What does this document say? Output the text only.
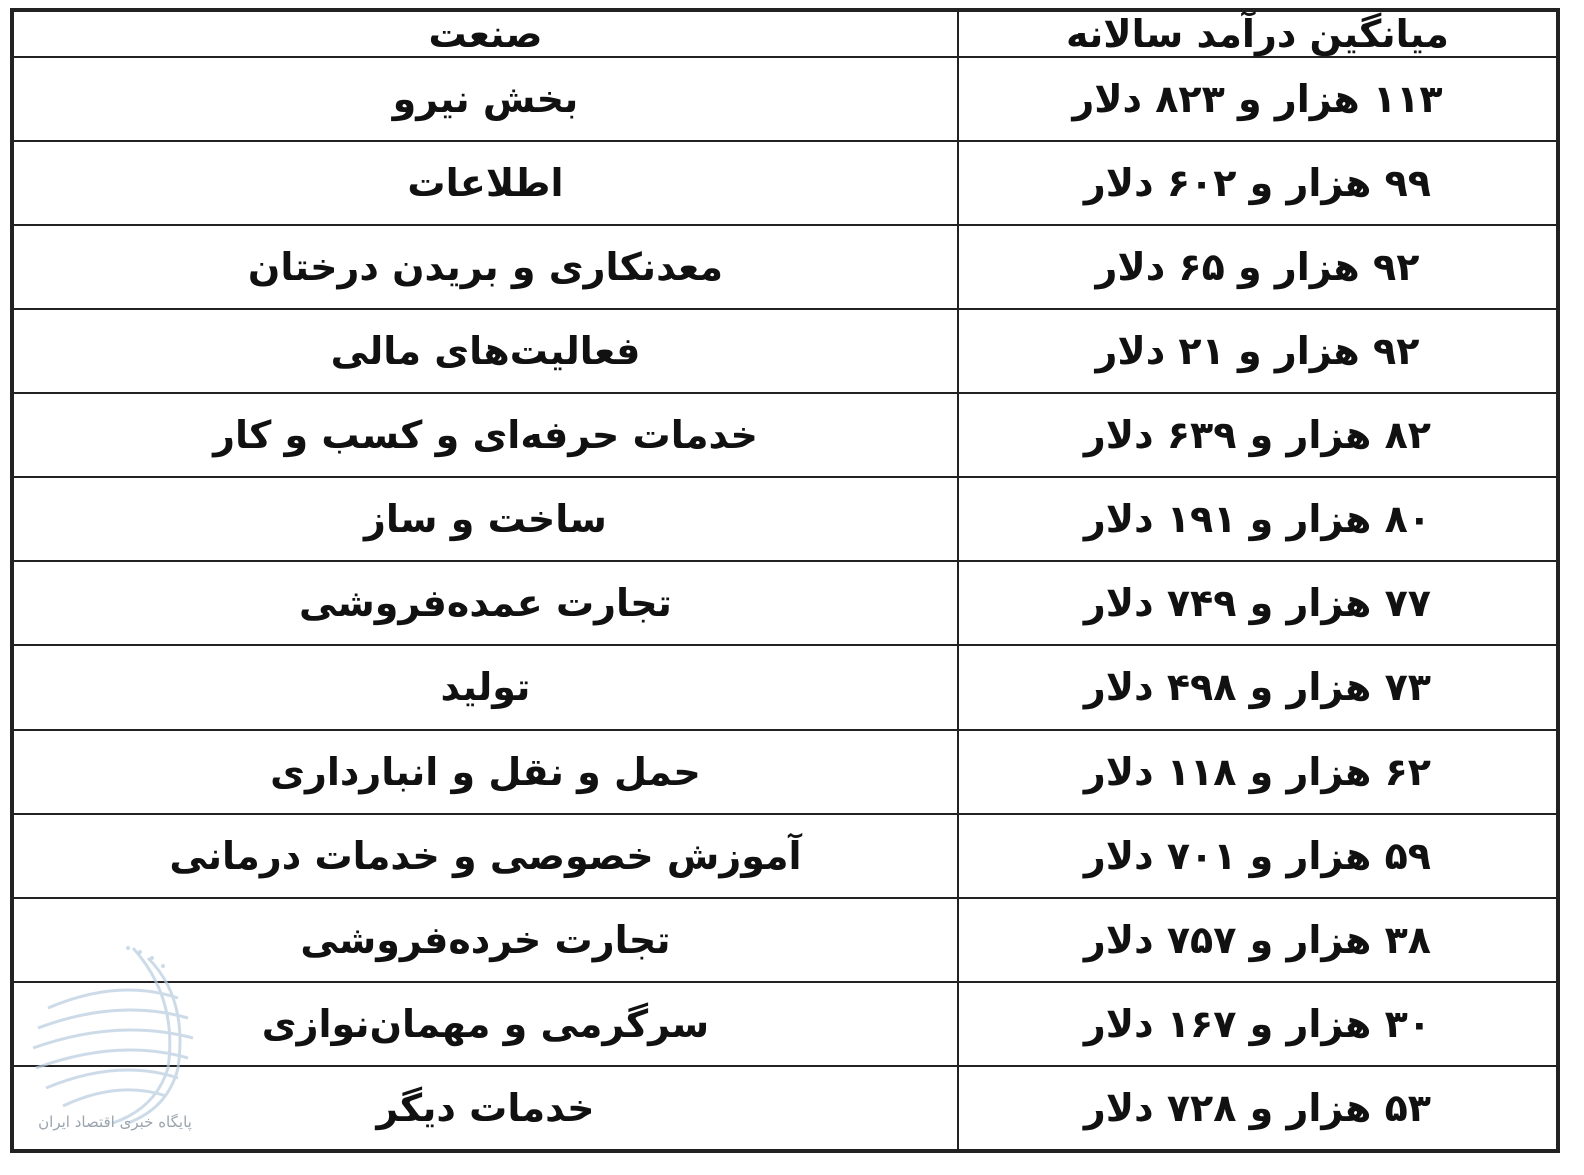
صنعت	میانگین درآمد سالانه
بخش نیرو	۱۱۳ هزار و ۸۲۳ دلار
اطلاعات	۹۹ هزار و ۶۰۲ دلار
معدنکاری و بریدن درختان	۹۲ هزار و ۶۵ دلار
فعالیت‌های مالی	۹۲ هزار و ۲۱ دلار
خدمات حرفه‌ای و کسب و کار	۸۲ هزار و ۶۳۹ دلار
ساخت و ساز	۸۰ هزار و ۱۹۱ دلار
تجارت عمده‌فروشی	۷۷ هزار و ۷۴۹ دلار
تولید	۷۳ هزار و ۴۹۸ دلار
حمل و نقل و انبارداری	۶۲ هزار و ۱۱۸ دلار
آموزش خصوصی و خدمات درمانی	۵۹ هزار و ۷۰۱ دلار
تجارت خرده‌فروشی	۳۸ هزار و ۷۵۷ دلار
سرگرمی و مهمان‌نوازی	۳۰ هزار و ۱۶۷ دلار
خدمات دیگر	۵۳ هزار و ۷۲۸ دلار
پایگاه خبری اقتصاد ایران
